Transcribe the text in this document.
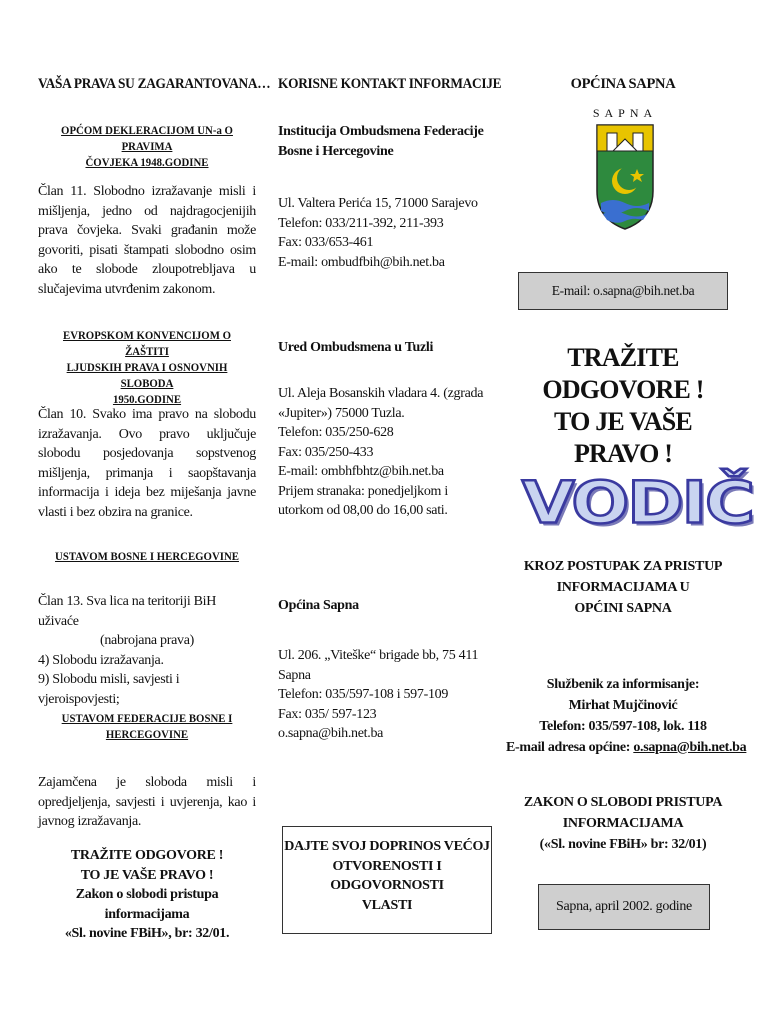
VAŠA PRAVA SU ZAGARANTOVANA…
OPĆOM DEKLERACIJOM UN-a O PRAVIMA
ČOVJEKA 1948.GODINE

Član 11. Slobodno izražavanje misli i mišljenja, jedno od najdragocjenijih prava čovjeka. Svaki građanin može govoriti, pisati štampati slobodno osim ako te slobode zloupotrebljava u slučajevima utvrđenim zakonom.

EVROPSKOM KONVENCIJOM O ŽAŠTITI
LJUDSKIH PRAVA I OSNOVNIH SLOBODA
1950.GODINE

Član 10. Svako ima pravo na slobodu izražavanja. Ovo pravo uključuje slobodu posjedovanja sopstvenog mišljenja, primanja i saopštavanja informacija i ideja bez miješanja javne vlasti i bez obzira na granice.

USTAVOM BOSNE I HERCEGOVINE
Član 13. Sva lica na teritoriji BiH uživaće
(nabrojana prava)
4) Slobodu izražavanja.
9) Slobodu misli, savjesti i vjeroispovjesti;
USTAVOM FEDERACIJE BOSNE I
HERCEGOVINE

Zajamčena je sloboda misli i opredjeljenja, savjesti i uvjerenja, kao i javnog izražavanja.

TRAŽITE ODGOVORE !
TO JE VAŠE PRAVO !
Zakon o slobodi pristupa informacijama
«Sl. novine FBiH», br: 32/01.
KORISNE KONTAKT INFORMACIJE

Institucija Ombudsmena Federacije Bosne i Hercegovine

Ul. Valtera Perića 15, 71000 Sarajevo
Telefon: 033/211-392, 211-393
Fax: 033/653-461
E-mail: ombudfbih@bih.net.ba

Ured Ombudsmena u Tuzli

Ul. Aleja Bosanskih vladara 4. (zgrada «Jupiter») 75000 Tuzla.
Telefon: 035/250-628
Fax: 035/250-433
E-mail: ombhfbhtz@bih.net.ba
Prijem stranaka: ponedjeljkom i utorkom od 08,00 do 16,00 sati.

Općina Sapna

Ul. 206. „Viteške“ brigade bb, 75 411 Sapna
Telefon: 035/597-108 i 597-109
Fax: 035/ 597-123
o.sapna@bih.net.ba
DAJTE SVOJ DOPRINOS VEĆOJ
OTVORENOSTI I ODGOVORNOSTI
VLASTI
OPĆINA SAPNA
SAPNA
E-mail: o.sapna@bih.net.ba
TRAŽITE ODGOVORE !
TO JE VAŠE PRAVO !
VODIČ
KROZ POSTUPAK ZA PRISTUP
INFORMACIJAMA U
OPĆINI SAPNA
Službenik za informisanje:
Mirhat Mujčinović
Telefon: 035/597-108, lok. 118
E-mail adresa općine: o.sapna@bih.net.ba
ZAKON O SLOBODI PRISTUPA
INFORMACIJAMA
(«Sl. novine FBiH» br: 32/01)
Sapna, april 2002. godine
